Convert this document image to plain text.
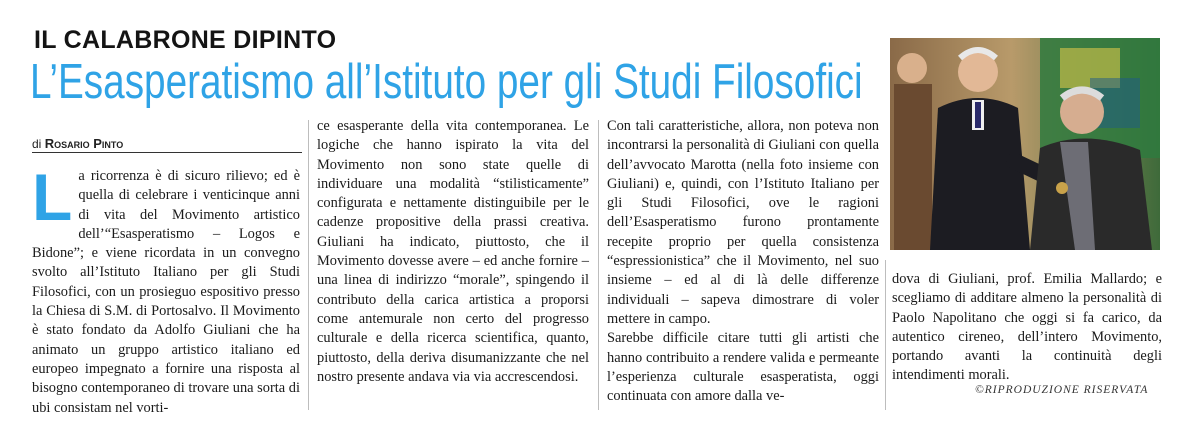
IL CALABRONE DIPINTO
L’Esasperatismo all’Istituto per gli Studi Filosofici
di Rosario Pinto
L a ricorrenza è di sicuro rilievo; ed è quella di celebrare i venticinque anni di vita del Movimento artistico dell’“Esasperatismo – Logos e Bidone”; e viene ricordata in un convegno svolto all’Istituto Italiano per gli Studi Filosofici, con un prosieguo espositivo presso la Chiesa di S.M. di Portosalvo. Il Movimento è stato fondato da Adolfo Giuliani che ha animato un gruppo artistico italiano ed europeo impegnato a fornire una risposta al bisogno contemporaneo di trovare una sorta di ubi consistam nel vorti-

ce esasperante della vita contemporanea. Le logiche che hanno ispirato la vita del Movimento non sono state quelle di individuare una modalità “stilisticamente” configurata e nettamente distinguibile per le cadenze propositive della prassi creativa. Giuliani ha indicato, piuttosto, che il Movimento dovesse avere – ed anche fornire – una linea di indirizzo “morale”, spingendo il contributo della carica artistica a proporsi come antemurale non certo del progresso culturale e della ricerca scientifica, quanto, piuttosto, della deriva disumanizzante che nel nostro presente andava via via accrescendosi.

Con tali caratteristiche, allora, non poteva non incontrarsi la personalità di Giuliani con quella dell’avvocato Marotta (nella foto insieme con Giuliani) e, quindi, con l’Istituto Italiano per gli Studi Filosofici, ove le ragioni dell’Esasperatismo furono prontamente recepite proprio per quella consistenza “espressionistica” che il Movimento, nel suo insieme – ed al di là delle differenze individuali – sapeva dimostrare di voler mettere in campo.

Sarebbe difficile citare tutti gli artisti che hanno contribuito a rendere valida e permeante l’esperienza culturale esasperatista, oggi continuata con amore dalla ve-

dova di Giuliani, prof. Emilia Mallardo; e scegliamo di additare almeno la personalità di Paolo Napolitano che oggi si fa carico, da autentico cireneo, dell’intero Movimento, portando avanti la continuità degli intendimenti morali.

©RIPRODUZIONE RISERVATA
